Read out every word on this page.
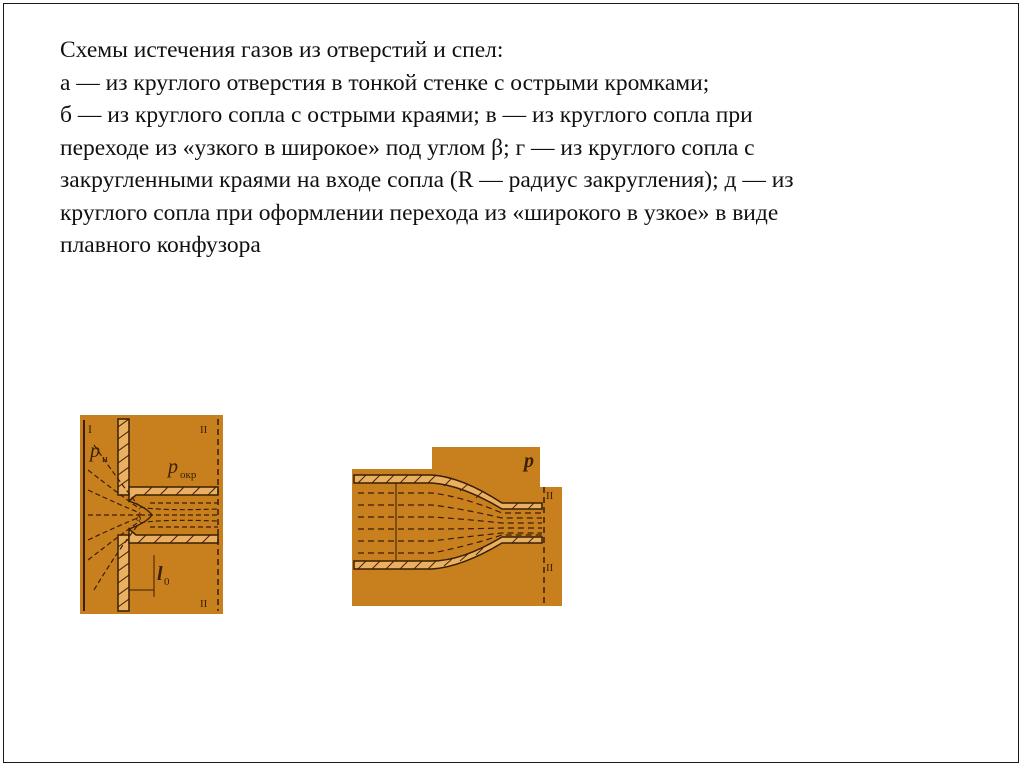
Схемы истечения газов из отверстий и спел:
а — из круглого отверстия в тонкой стенке с острыми кромками;
б — из круглого сопла с острыми краями; в — из круглого сопла при
переходе из «узкого в широкое» под углом β; г — из круглого сопла с
закругленными краями на входе сопла (R — радиус закругления); д — из
круглого сопла при оформлении перехода из «широкого в узкое» в виде
плавного конфузора
I	II
II
p н	p окр
δ
l 0
p
II
II
